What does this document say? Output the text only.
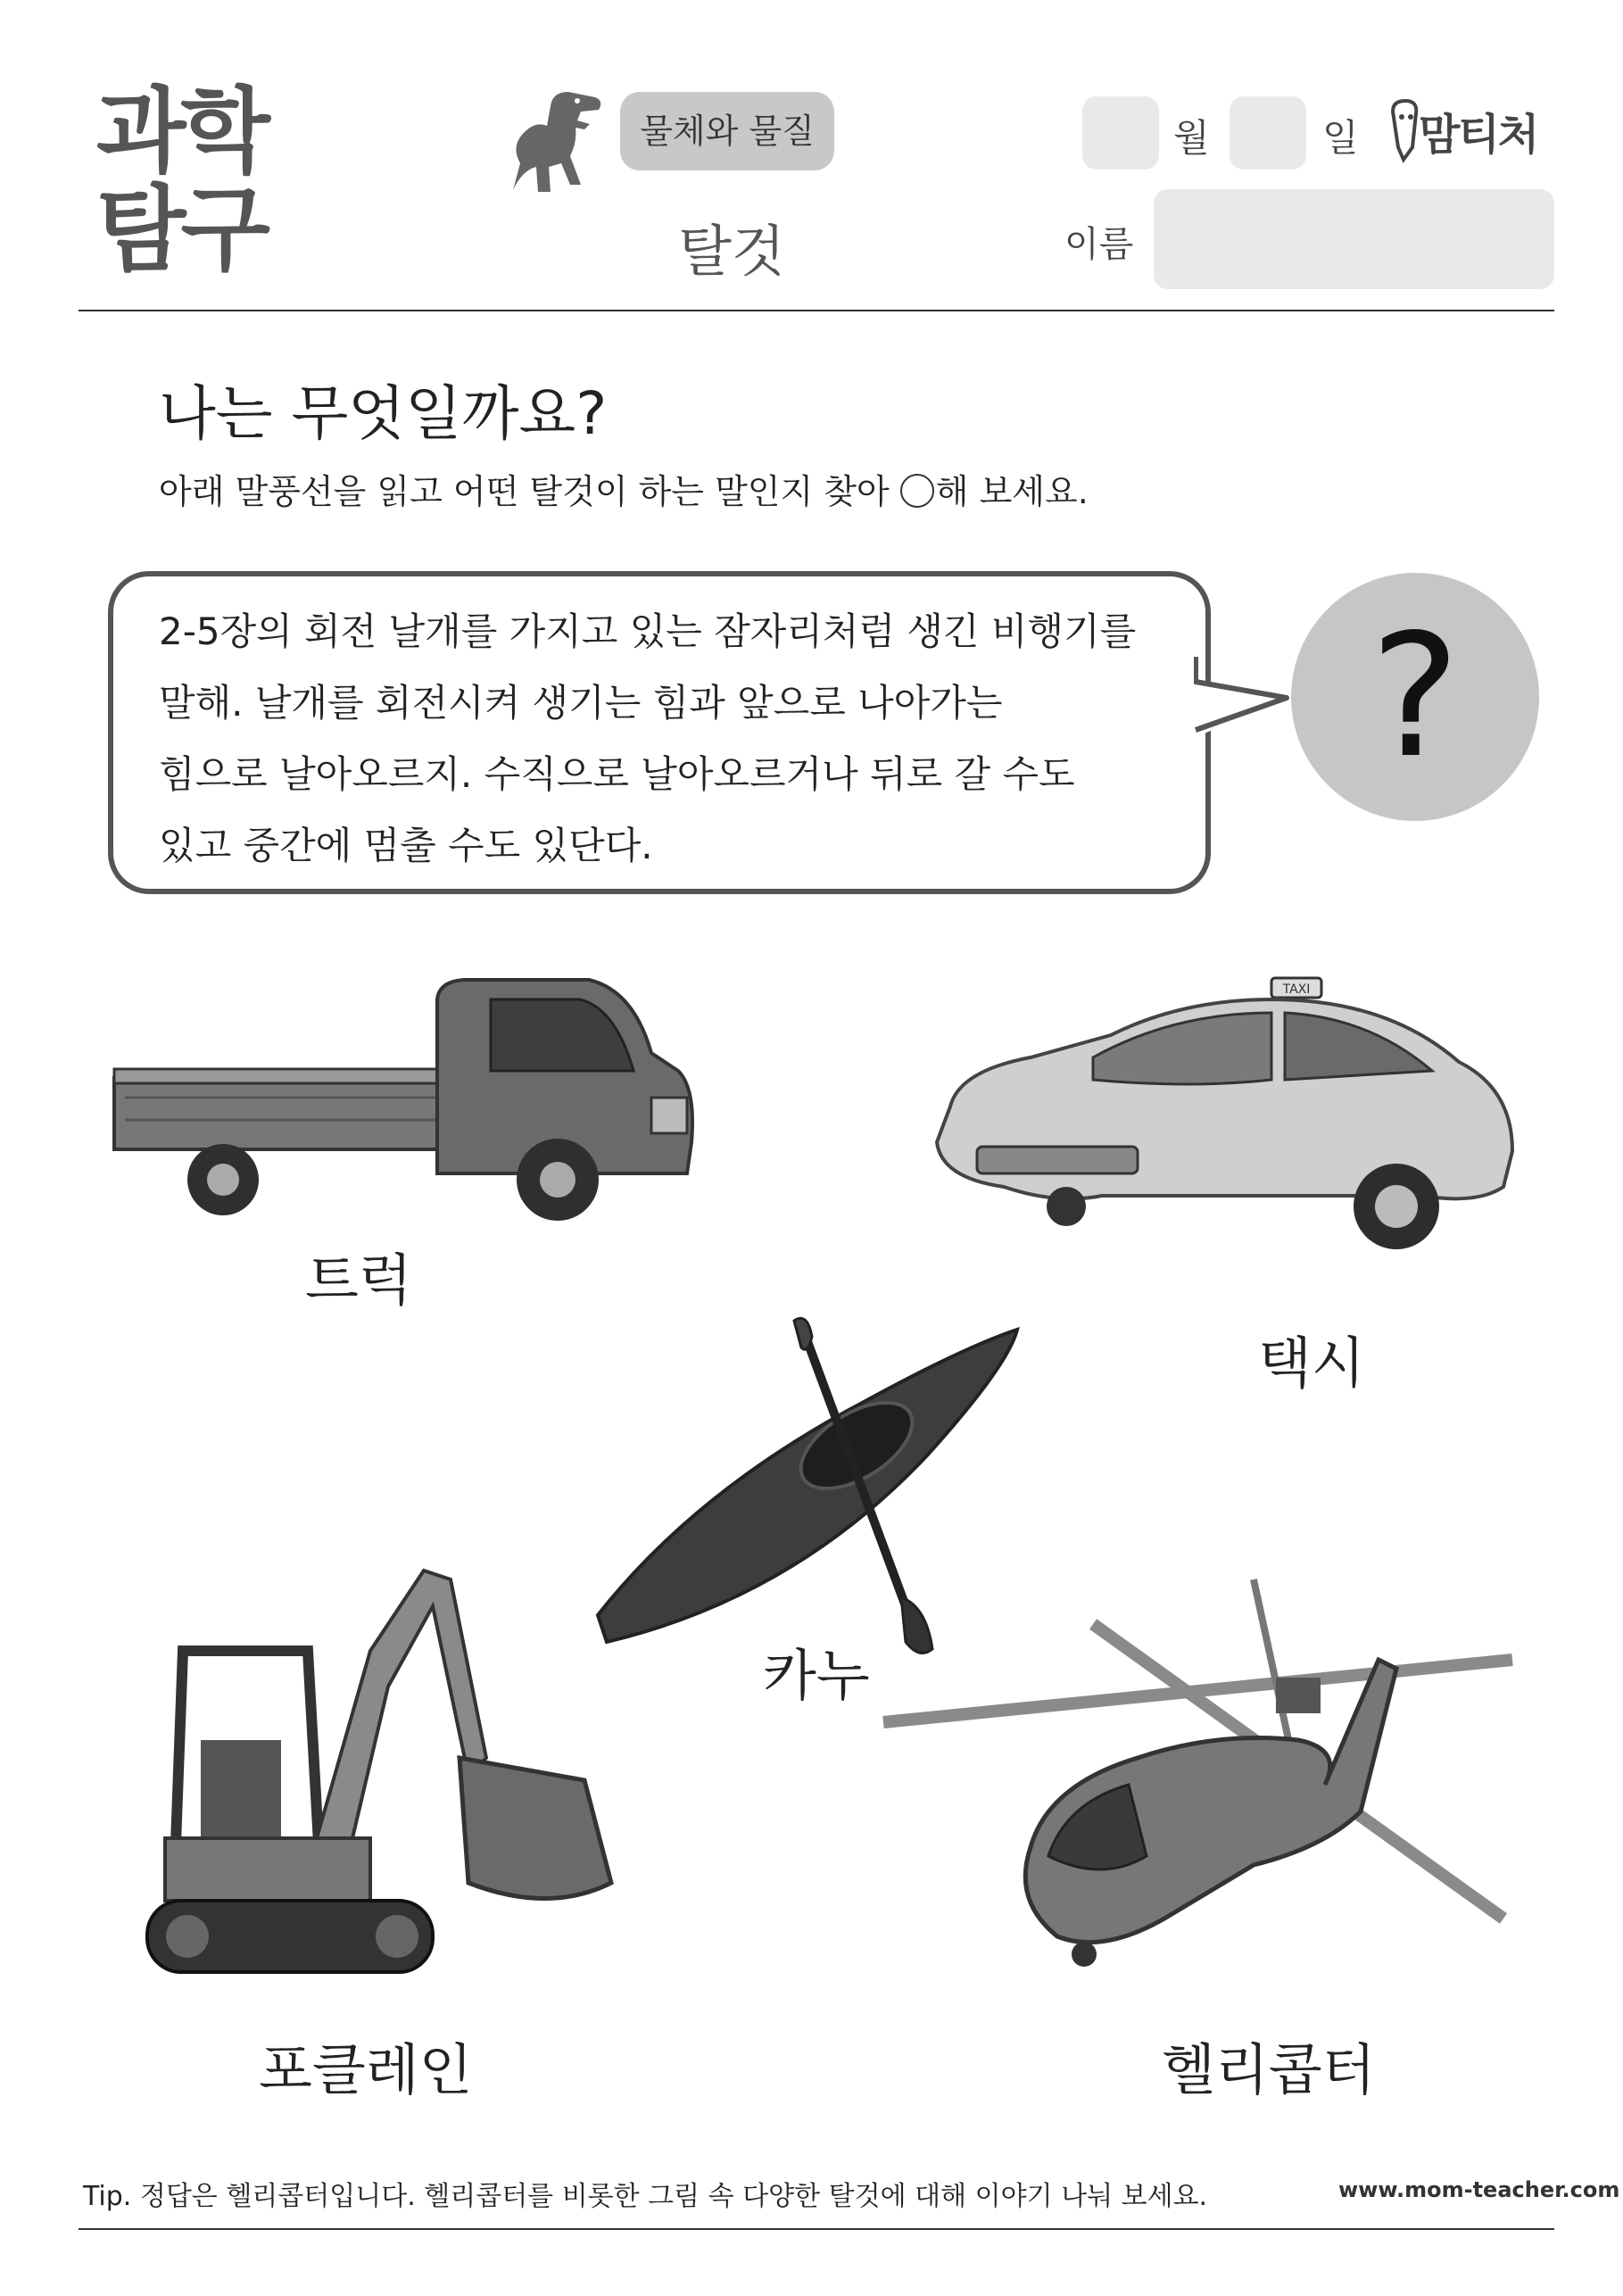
과학
탐구
물체와 물질
탈것
월	일 맘티처
이름
나는 무엇일까요?
아래 말풍선을 읽고 어떤 탈것이 하는 말인지 찾아 ○ 해 보세요.
2-5장의 회전 날개를 가지고 있는 잠자리처럼 생긴 비행기를
말해. 날개를 회전시켜 생기는 힘과 앞으로 나아가는
힘으로 날아오르지. 수직으로 날아오르거나 뒤로 갈 수도
있고 중간에 멈출 수도 있단다.
?
트럭
TAXI
택시
카누
포클레인	헬리콥터
Tip. 정답은 헬리콥터입니다. 헬리콥터를 비롯한 그림 속 다양한 탈것에 대해 이야기 나눠 보세요.	www.mom-teacher.com
